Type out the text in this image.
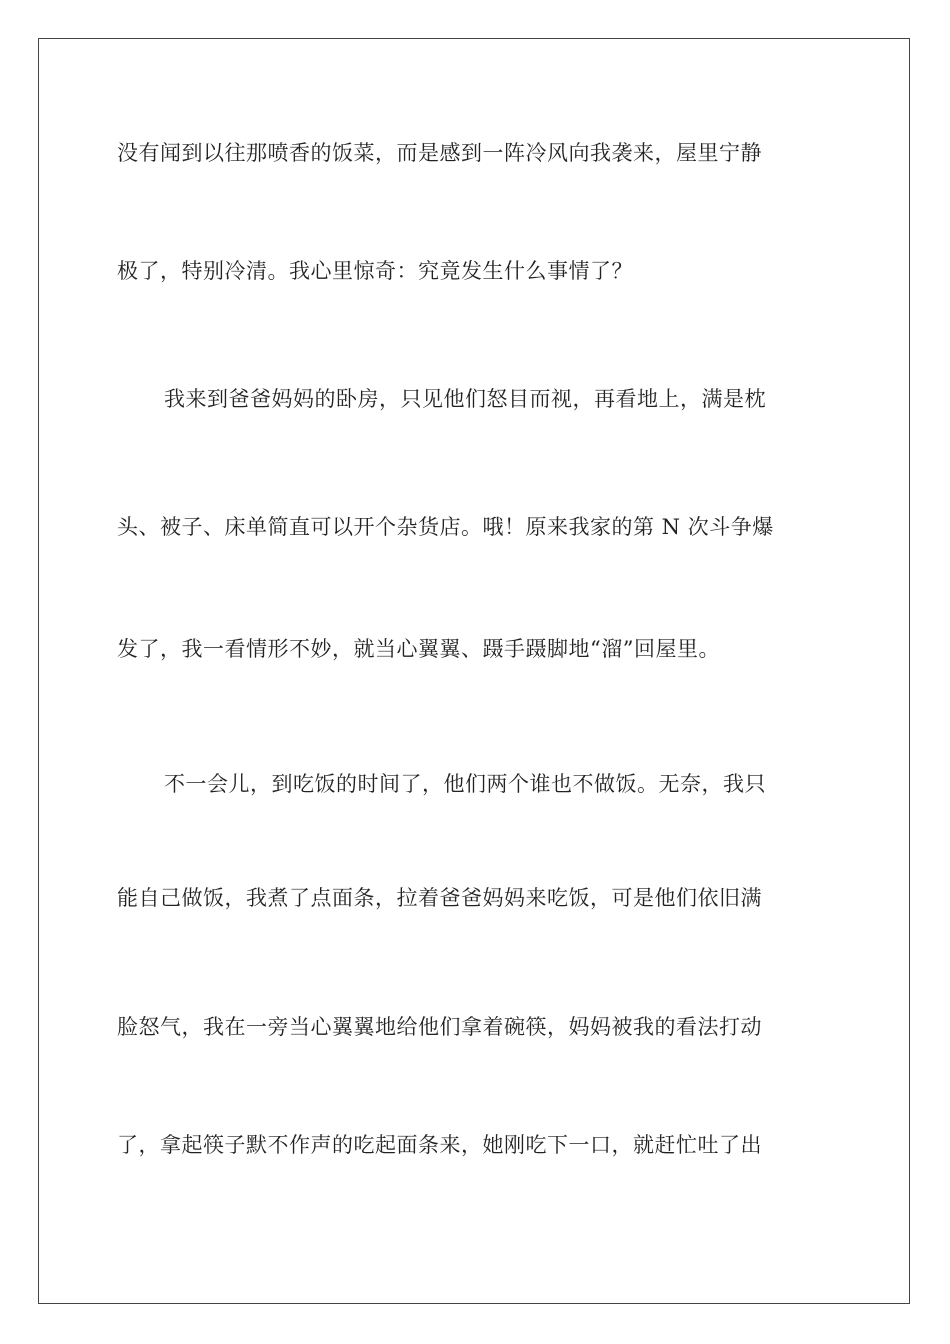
没有闻到以往那喷香的饭菜，而是感到一阵冷风向我袭来，屋里宁静
极了，特别冷清。我心里惊奇：究竟发生什么事情了？
我来到爸爸妈妈的卧房，只见他们怒目而视，再看地上，满是枕
头、被子、床单简直可以开个杂货店。哦！原来我家的第 N 次斗争爆
发了，我一看情形不妙，就当心翼翼、蹑手蹑脚地“溜”回屋里。
不一会儿，到吃饭的时间了，他们两个谁也不做饭。无奈，我只
能自己做饭，我煮了点面条，拉着爸爸妈妈来吃饭，可是他们依旧满
脸怒气，我在一旁当心翼翼地给他们拿着碗筷，妈妈被我的看法打动
了，拿起筷子默不作声的吃起面条来，她刚吃下一口，就赶忙吐了出
